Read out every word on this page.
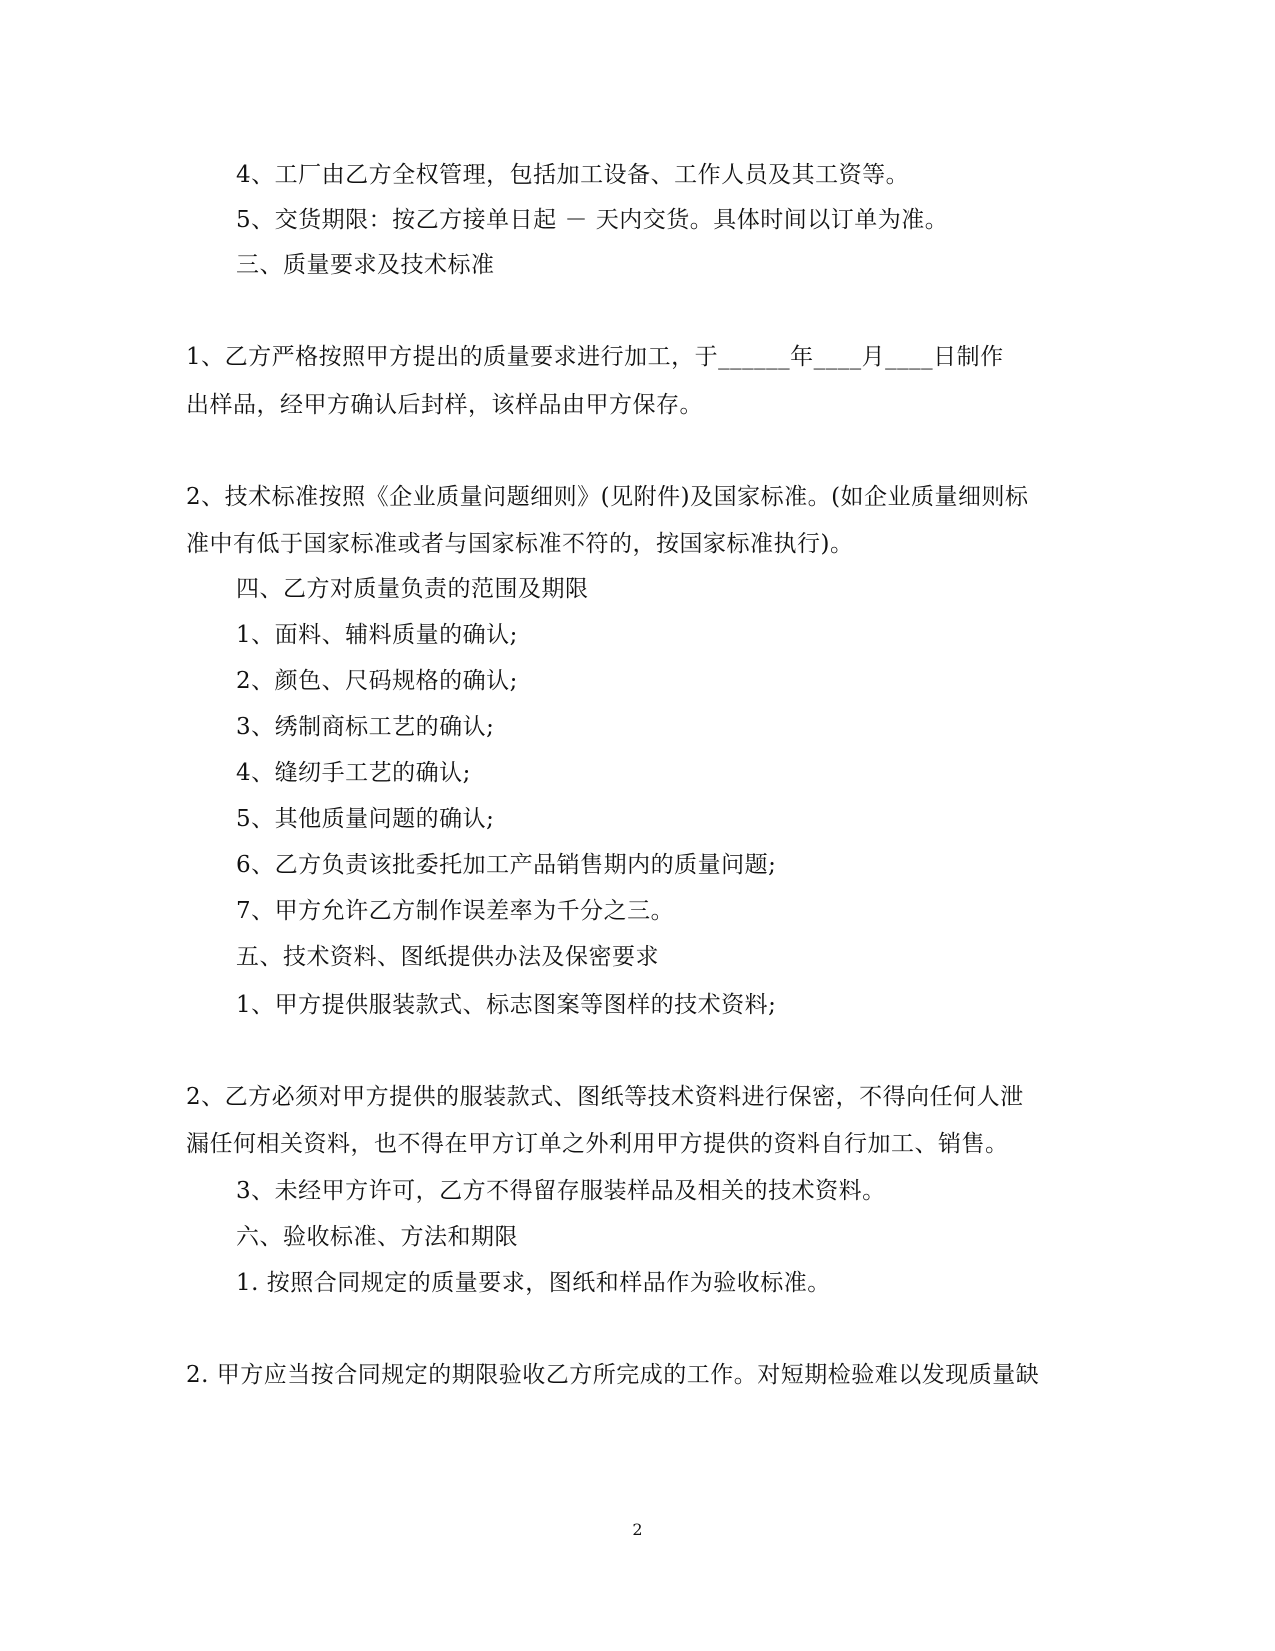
4、工厂由乙方全权管理，包括加工设备、工作人员及其工资等。
5、交货期限：按乙方接单日起 － 天内交货。具体时间以订单为准。
三、质量要求及技术标准
1、乙方严格按照甲方提出的质量要求进行加工，于______年____月____日制作
出样品，经甲方确认后封样，该样品由甲方保存。
2、技术标准按照《企业质量问题细则》(见附件)及国家标准。(如企业质量细则标
准中有低于国家标准或者与国家标准不符的，按国家标准执行)。
四、乙方对质量负责的范围及期限
1、面料、辅料质量的确认;
2、颜色、尺码规格的确认;
3、绣制商标工艺的确认;
4、缝纫手工艺的确认;
5、其他质量问题的确认;
6、乙方负责该批委托加工产品销售期内的质量问题;
7、甲方允许乙方制作误差率为千分之三。
五、技术资料、图纸提供办法及保密要求
1、甲方提供服装款式、标志图案等图样的技术资料;
2、乙方必须对甲方提供的服装款式、图纸等技术资料进行保密，不得向任何人泄
漏任何相关资料，也不得在甲方订单之外利用甲方提供的资料自行加工、销售。
3、未经甲方许可，乙方不得留存服装样品及相关的技术资料。
六、验收标准、方法和期限
1. 按照合同规定的质量要求，图纸和样品作为验收标准。
2. 甲方应当按合同规定的期限验收乙方所完成的工作。对短期检验难以发现质量缺
2
